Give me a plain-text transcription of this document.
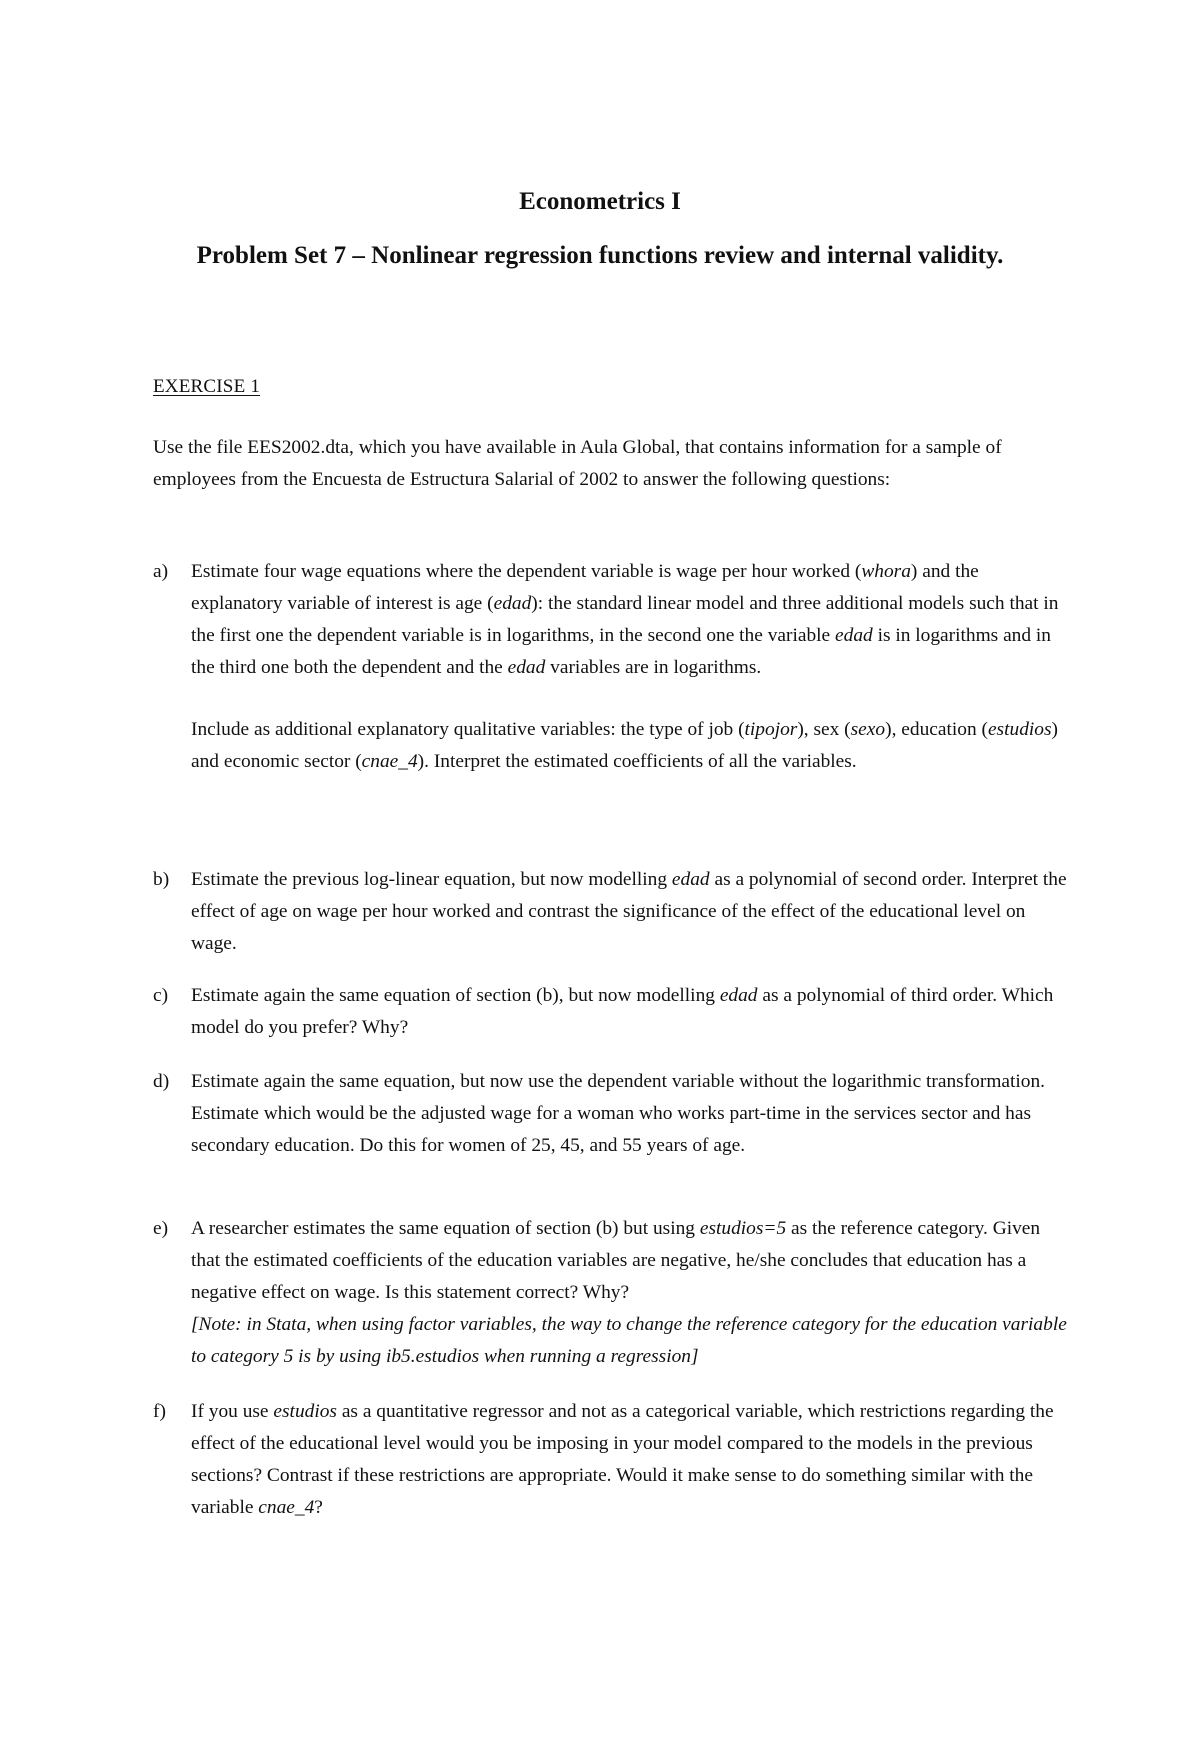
Econometrics I
Problem Set 7 – Nonlinear regression functions review and internal validity.
EXERCISE 1
Use the file EES2002.dta, which you have available in Aula Global, that contains information for a sample of employees from the Encuesta de Estructura Salarial of 2002 to answer the following questions:
a) Estimate four wage equations where the dependent variable is wage per hour worked (whora) and the explanatory variable of interest is age (edad): the standard linear model and three additional models such that in the first one the dependent variable is in logarithms, in the second one the variable edad is in logarithms and in the third one both the dependent and the edad variables are in logarithms.

Include as additional explanatory qualitative variables: the type of job (tipojor), sex (sexo), education (estudios) and economic sector (cnae_4). Interpret the estimated coefficients of all the variables.

b) Estimate the previous log-linear equation, but now modelling edad as a polynomial of second order. Interpret the effect of age on wage per hour worked and contrast the significance of the effect of the educational level on wage.

c) Estimate again the same equation of section (b), but now modelling edad as a polynomial of third order. Which model do you prefer? Why?

d) Estimate again the same equation, but now use the dependent variable without the logarithmic transformation. Estimate which would be the adjusted wage for a woman who works part-time in the services sector and has secondary education. Do this for women of 25, 45, and 55 years of age.

e) A researcher estimates the same equation of section (b) but using estudios=5 as the reference category. Given that the estimated coefficients of the education variables are negative, he/she concludes that education has a negative effect on wage. Is this statement correct? Why?

[Note: in Stata, when using factor variables, the way to change the reference category for the education variable to category 5 is by using ib5.estudios when running a regression]

f) If you use estudios as a quantitative regressor and not as a categorical variable, which restrictions regarding the effect of the educational level would you be imposing in your model compared to the models in the previous sections? Contrast if these restrictions are appropriate. Would it make sense to do something similar with the variable cnae_4?
